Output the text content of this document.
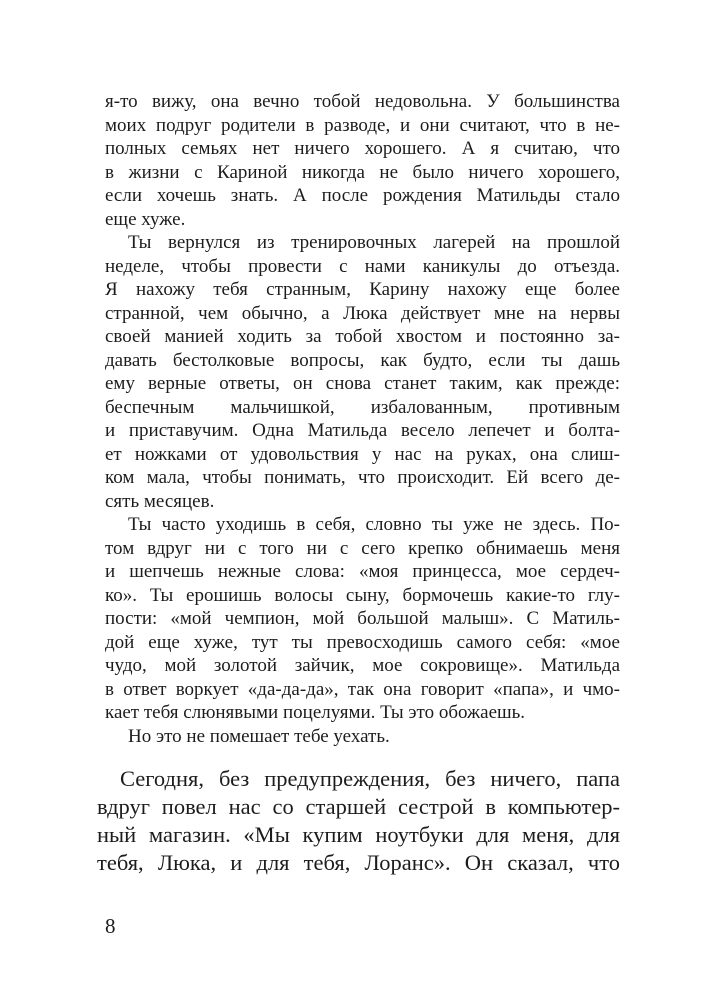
я-то вижу, она вечно тобой недовольна. У большинства
моих подруг родители в разводе, и они считают, что в не-
полных семьях нет ничего хорошего. А я считаю, что
в жизни с Кариной никогда не было ничего хорошего,
если хочешь знать. А после рождения Матильды стало
еще хуже.
Ты вернулся из тренировочных лагерей на прошлой
неделе, чтобы провести с нами каникулы до отъезда.
Я нахожу тебя странным, Карину нахожу еще более
странной, чем обычно, а Люка действует мне на нервы
своей манией ходить за тобой хвостом и постоянно за-
давать бестолковые вопросы, как будто, если ты дашь
ему верные ответы, он снова станет таким, как прежде:
беспечным мальчишкой, избалованным, противным
и приставучим. Одна Матильда весело лепечет и болта-
ет ножками от удовольствия у нас на руках, она слиш-
ком мала, чтобы понимать, что происходит. Ей всего де-
сять месяцев.
Ты часто уходишь в себя, словно ты уже не здесь. По-
том вдруг ни с того ни с сего крепко обнимаешь меня
и шепчешь нежные слова: «моя принцесса, мое сердеч-
ко». Ты ерошишь волосы сыну, бормочешь какие-то глу-
пости: «мой чемпион, мой большой малыш». С Матиль-
дой еще хуже, тут ты превосходишь самого себя: «мое
чудо, мой золотой зайчик, мое сокровище». Матильда
в ответ воркует «да-да-да», так она говорит «папа», и чмо-
кает тебя слюнявыми поцелуями. Ты это обожаешь.
Но это не помешает тебе уехать.
Сегодня, без предупреждения, без ничего, папа
вдруг повел нас со старшей сестрой в компьютер-
ный магазин. «Мы купим ноутбуки для меня, для
тебя, Люка, и для тебя, Лоранс». Он сказал, что
8
